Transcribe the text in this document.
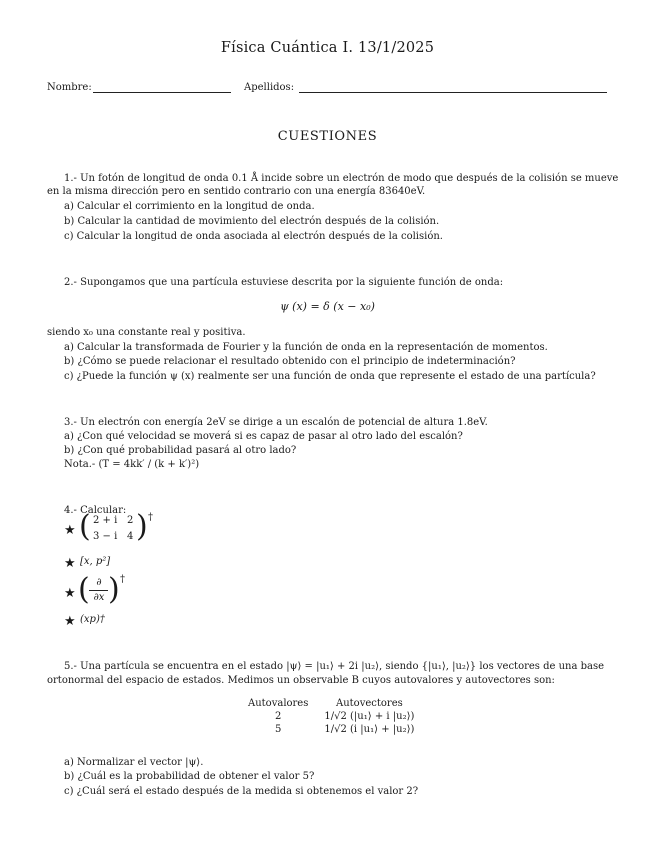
Física Cuántica I. 13/1/2025
Nombre:	Apellidos:
CUESTIONES
1.- Un fotón de longitud de onda 0.1 Å incide sobre un electrón de modo que después de la colisión se mueve
en la misma dirección pero en sentido contrario con una energía 83640eV.
a) Calcular el corrimiento en la longitud de onda.
b) Calcular la cantidad de movimiento del electrón después de la colisión.
c) Calcular la longitud de onda asociada al electrón después de la colisión.
2.- Supongamos que una partícula estuviese descrita por la siguiente función de onda:
ψ (x) = δ (x − x₀)
siendo x₀ una constante real y positiva.
a) Calcular la transformada de Fourier y la función de onda en la representación de momentos.
b) ¿Cómo se puede relacionar el resultado obtenido con el principio de indeterminación?
c) ¿Puede la función ψ (x) realmente ser una función de onda que represente el estado de una partícula?
3.- Un electrón con energía 2eV se dirige a un escalón de potencial de altura 1.8eV.
a) ¿Con qué velocidad se moverá si es capaz de pasar al otro lado del escalón?
b) ¿Con qué probabilidad pasará al otro lado?
Nota.- (T = 4kk′ / (k + k′)²)
4.- Calcular:
★ ( 2 + i 2
3 − i 4 ) †
★ [x, p²]
★ ( ∂
∂x ) †
★ (xp)†
5.- Una partícula se encuentra en el estado |ψ⟩ = |u₁⟩ + 2i |u₂⟩, siendo {|u₁⟩, |u₂⟩} los vectores de una base
ortonormal del espacio de estados. Medimos un observable B cuyos autovalores y autovectores son:
Autovalores	Autovectores
2	1/√2 (|u₁⟩ + i |u₂⟩)
5	1/√2 (i |u₁⟩ + |u₂⟩)
a) Normalizar el vector |ψ⟩.
b) ¿Cuál es la probabilidad de obtener el valor 5?
c) ¿Cuál será el estado después de la medida si obtenemos el valor 2?
